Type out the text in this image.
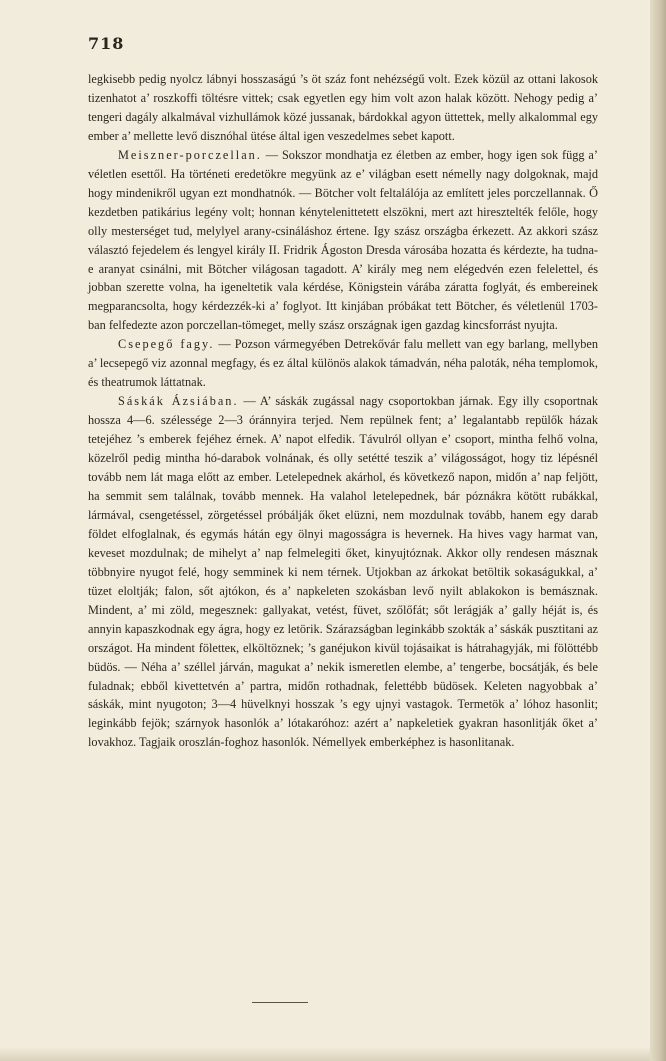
718

legkisebb pedig nyolcz lábnyi hosszaságú ’s öt száz font nehézségű volt. Ezek közül az ottani lakosok tizenhatot a’ roszkoffi töltésre vittek; csak egyetlen egy him volt azon halak között. Nehogy pedig a’ tengeri dagály alkalmával vizhullámok közé jussanak, bárdokkal agyon üttettek, melly alkalommal egy ember a’ mellette levő disznóhal ütése által igen veszedelmes sebet kapott.

Meiszner-porczellan. — Sokszor mondhatja ez életben az ember, hogy igen sok függ a’ véletlen esettől. Ha történeti eredetökre megyünk az e’ világban esett némelly nagy dolgoknak, majd hogy mindenikről ugyan ezt mondhatnók. — Bötcher volt feltalálója az említett jeles porczellannak. Ő kezdetben patikárius legény volt; honnan kénytelenittetett elszökni, mert azt hiresztelték felőle, hogy olly mesterséget tud, melylyel arany-csináláshoz értene. Igy szász országba érkezett. Az akkori szász választó fejedelem és lengyel király II. Fridrik Ágoston Dresda városába hozatta és kérdezte, ha tudna-e aranyat csinálni, mit Bötcher világosan tagadott. A’ király meg nem elégedvén ezen felelettel, és jobban szerette volna, ha igeneltetik vala kérdése, Königstein várába záratta foglyát, és embereinek megparancsolta, hogy kérdezzék-ki a’ foglyot. Itt kinjában próbákat tett Bötcher, és véletlenül 1703-ban felfedezte azon porczellan-tömeget, melly szász országnak igen gazdag kincsforrást nyujta.

Csepegő fagy. — Pozson vármegyében Detrekővár falu mellett van egy barlang, mellyben a’ lecsepegő viz azonnal megfagy, és ez által különös alakok támadván, néha paloták, néha templomok, és theatrumok láttatnak.

Sáskák Ázsiában. — A’ sáskák zugással nagy csoportokban járnak. Egy illy csoportnak hossza 4—6. szélessége 2—3 óránnyira terjed. Nem repülnek fent; a’ legalantabb repülők házak tetejéhez ’s emberek fejéhez érnek. A’ napot elfedik. Távulról ollyan e’ csoport, mintha felhő volna, közelről pedig mintha hó-darabok volnának, és olly setétté teszik a’ világosságot, hogy tiz lépésnél tovább nem lát maga előtt az ember. Letelepednek akárhol, és következő napon, midőn a’ nap feljött, ha semmit sem találnak, tovább mennek. Ha valahol letelepednek, bár póznákra kötött rubákkal, lármával, csengetéssel, zörgetéssel próbálják őket elüzni, nem mozdulnak tovább, hanem egy darab földet elfoglalnak, és egymás hátán egy ölnyi magosságra is hevernek. Ha hives vagy harmat van, keveset mozdulnak; de mihelyt a’ nap felmelegiti őket, kinyujtóznak. Akkor olly rendesen másznak többnyire nyugot felé, hogy semminek ki nem térnek. Utjokban az árkokat betöltik sokaságukkal, a’ tüzet eloltják; falon, sőt ajtókon, és a’ napkeleten szokásban levő nyilt ablakokon is bemásznak. Mindent, a’ mi zöld, megesznek: gallyakat, vetést, füvet, szőlőfát; sőt lerágják a’ gally héját is, és annyin kapaszkodnak egy ágra, hogy ez letörik. Szárazságban leginkább szokták a’ sáskák pusztitani az országot. Ha mindent föletteк, elköltöznek; ’s ganéjukon kivül tojásaikat is hátrahagyják, mi fölöttébb büdös. — Néha a’ széllel járván, magukat a’ nekik ismeretlen elembe, a’ tengerbe, bocsátják, és bele fuladnak; ebből kivettetvén a’ partra, midőn rothadnak, felettébb büdösek. Keleten nagyobbak a’ sáskák, mint nyugoton; 3—4 hüvelknyi hosszak ’s egy ujnyi vastagok. Termetök a’ lóhoz hasonlit; leginkább fejök; szárnyok hasonlók a’ lótakaróhoz: azért a’ napkeletiek gyakran hasonlitják őket a’ lovakhoz. Tagjaik oroszlán-foghoz hasonlók. Némellyek emberképhez is hasonlitanak.
